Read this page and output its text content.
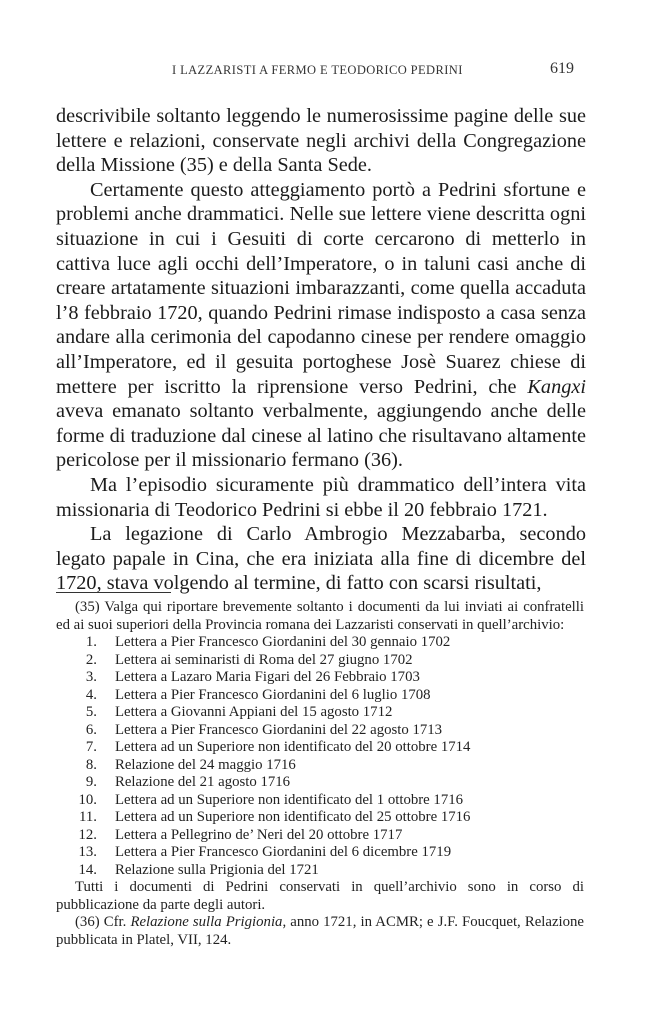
I LAZZARISTI A FERMO E TEODORICO PEDRINI	619

descrivibile soltanto leggendo le numerosissime pagine delle sue lettere e relazioni, conservate negli archivi della Congregazione della Missione (35) e della Santa Sede.

Certamente questo atteggiamento portò a Pedrini sfortune e problemi anche drammatici. Nelle sue lettere viene descritta ogni situazione in cui i Gesuiti di corte cercarono di metterlo in cattiva luce agli occhi dell’Imperatore, o in taluni casi anche di creare artatamente situazioni imbarazzanti, come quella accaduta l’8 febbraio 1720, quando Pedrini rimase indisposto a casa senza andare alla cerimonia del capodanno cinese per rendere omaggio all’Imperatore, ed il gesuita portoghese Josè Suarez chiese di mettere per iscritto la riprensione verso Pedrini, che Kangxi aveva emanato soltanto verbalmente, aggiungendo anche delle forme di traduzione dal cinese al latino che risultavano altamente pericolose per il missionario fermano (36).

Ma l’episodio sicuramente più drammatico dell’intera vita missionaria di Teodorico Pedrini si ebbe il 20 febbraio 1721.

La legazione di Carlo Ambrogio Mezzabarba, secondo legato papale in Cina, che era iniziata alla fine di dicembre del 1720, stava volgendo al termine, di fatto con scarsi risultati,

(35) Valga qui riportare brevemente soltanto i documenti da lui inviati ai confratelli ed ai suoi superiori della Provincia romana dei Lazzaristi conservati in quell’archivio:

1.	Lettera a Pier Francesco Giordanini del 30 gennaio 1702
2.	Lettera ai seminaristi di Roma del 27 giugno 1702
3.	Lettera a Lazaro Maria Figari del 26 Febbraio 1703
4.	Lettera a Pier Francesco Giordanini del 6 luglio 1708
5.	Lettera a Giovanni Appiani del 15 agosto 1712
6.	Lettera a Pier Francesco Giordanini del 22 agosto 1713
7.	Lettera ad un Superiore non identificato del 20 ottobre 1714
8.	Relazione del 24 maggio 1716
9.	Relazione del 21 agosto 1716
10.	Lettera ad un Superiore non identificato del 1 ottobre 1716
11.	Lettera ad un Superiore non identificato del 25 ottobre 1716
12.	Lettera a Pellegrino de’ Neri del 20 ottobre 1717
13.	Lettera a Pier Francesco Giordanini del 6 dicembre 1719
14.	Relazione sulla Prigionia del 1721

Tutti i documenti di Pedrini conservati in quell’archivio sono in corso di pubblicazione da parte degli autori.

(36) Cfr. Relazione sulla Prigionia, anno 1721, in ACMR; e J.F. Foucquet, Relazione pubblicata in Platel, VII, 124.
